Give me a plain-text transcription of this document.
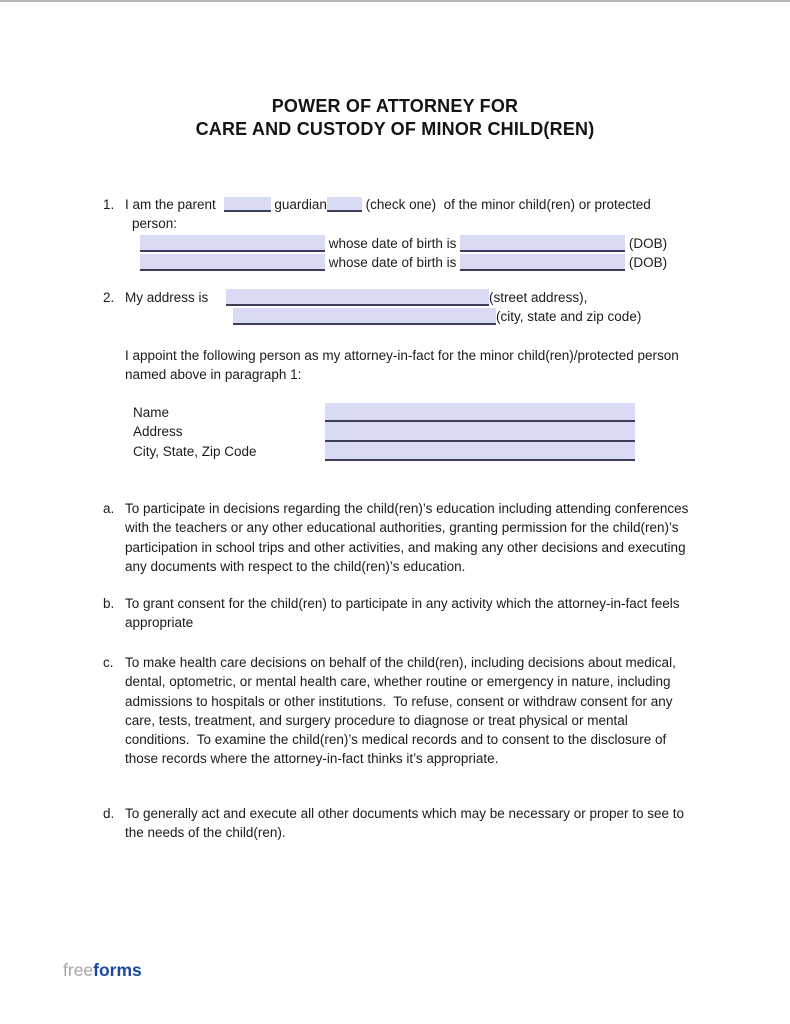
POWER OF ATTORNEY FOR
CARE AND CUSTODY OF MINOR CHILD(REN)
1. I am the parent	guardian	(check one)  of the minor child(ren) or protected
person:
whose date of birth is	(DOB)
whose date of birth is	(DOB)
2. My address is	(street address),
(city, state and zip code)
I appoint the following person as my attorney-in-fact for the minor child(ren)/protected person named above in paragraph 1:
Name
Address
City, State, Zip Code
a. To participate in decisions regarding the child(ren)’s education including attending conferences with the teachers or any other educational authorities, granting permission for the child(ren)’s participation in school trips and other activities, and making any other decisions and executing any documents with respect to the child(ren)’s education.
b. To grant consent for the child(ren) to participate in any activity which the attorney-in-fact feels appropriate
c. To make health care decisions on behalf of the child(ren), including decisions about medical, dental, optometric, or mental health care, whether routine or emergency in nature, including admissions to hospitals or other institutions.  To refuse, consent or withdraw consent for any care, tests, treatment, and surgery procedure to diagnose or treat physical or mental conditions.  To examine the child(ren)’s medical records and to consent to the disclosure of those records where the attorney-in-fact thinks it’s appropriate.
d. To generally act and execute all other documents which may be necessary or proper to see to the needs of the child(ren).
freeforms
